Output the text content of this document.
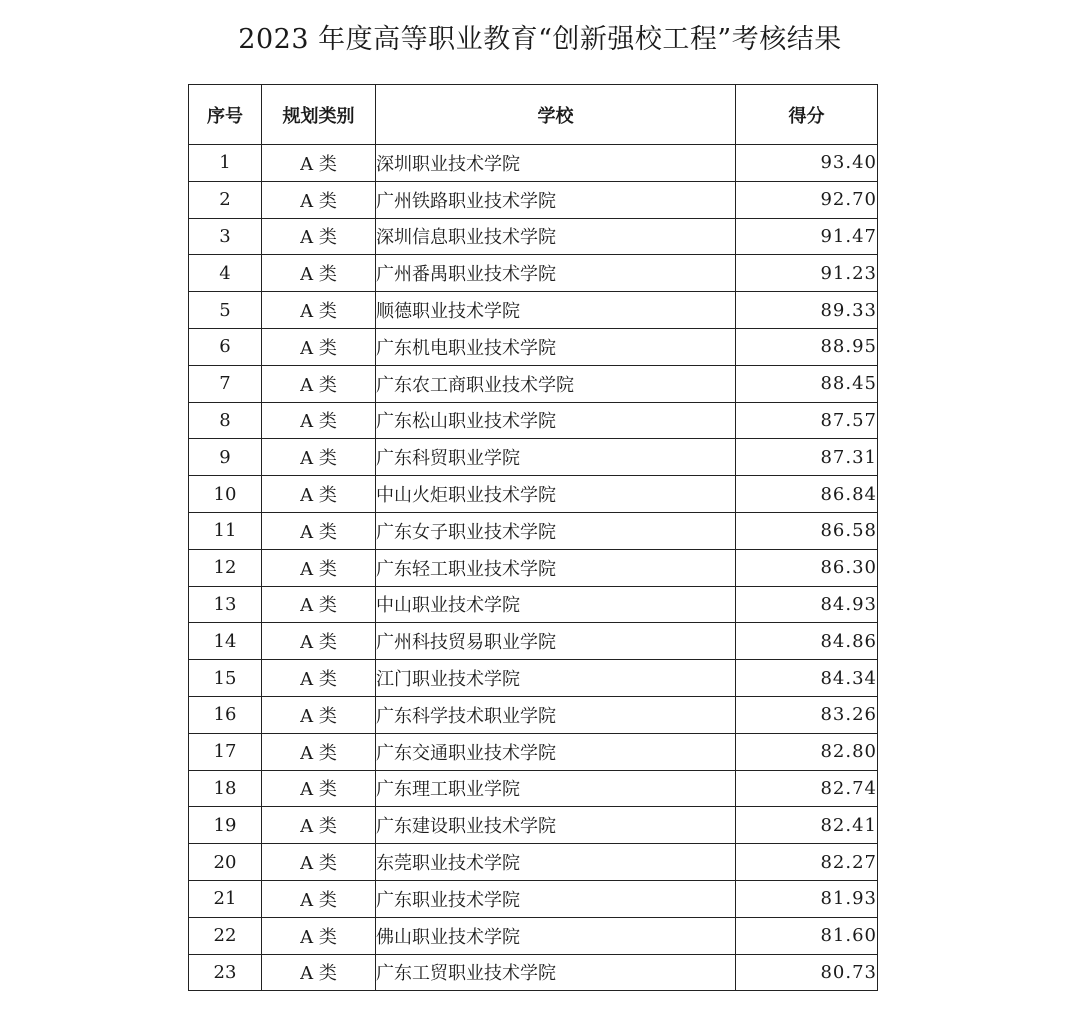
2023 年度高等职业教育“创新强校工程”考核结果
序号	规划类别	学校	得分
1	A 类	深圳职业技术学院	93.40
2	A 类	广州铁路职业技术学院	92.70
3	A 类	深圳信息职业技术学院	91.47
4	A 类	广州番禺职业技术学院	91.23
5	A 类	顺德职业技术学院	89.33
6	A 类	广东机电职业技术学院	88.95
7	A 类	广东农工商职业技术学院	88.45
8	A 类	广东松山职业技术学院	87.57
9	A 类	广东科贸职业学院	87.31
10	A 类	中山火炬职业技术学院	86.84
11	A 类	广东女子职业技术学院	86.58
12	A 类	广东轻工职业技术学院	86.30
13	A 类	中山职业技术学院	84.93
14	A 类	广州科技贸易职业学院	84.86
15	A 类	江门职业技术学院	84.34
16	A 类	广东科学技术职业学院	83.26
17	A 类	广东交通职业技术学院	82.80
18	A 类	广东理工职业学院	82.74
19	A 类	广东建设职业技术学院	82.41
20	A 类	东莞职业技术学院	82.27
21	A 类	广东职业技术学院	81.93
22	A 类	佛山职业技术学院	81.60
23	A 类	广东工贸职业技术学院	80.73
